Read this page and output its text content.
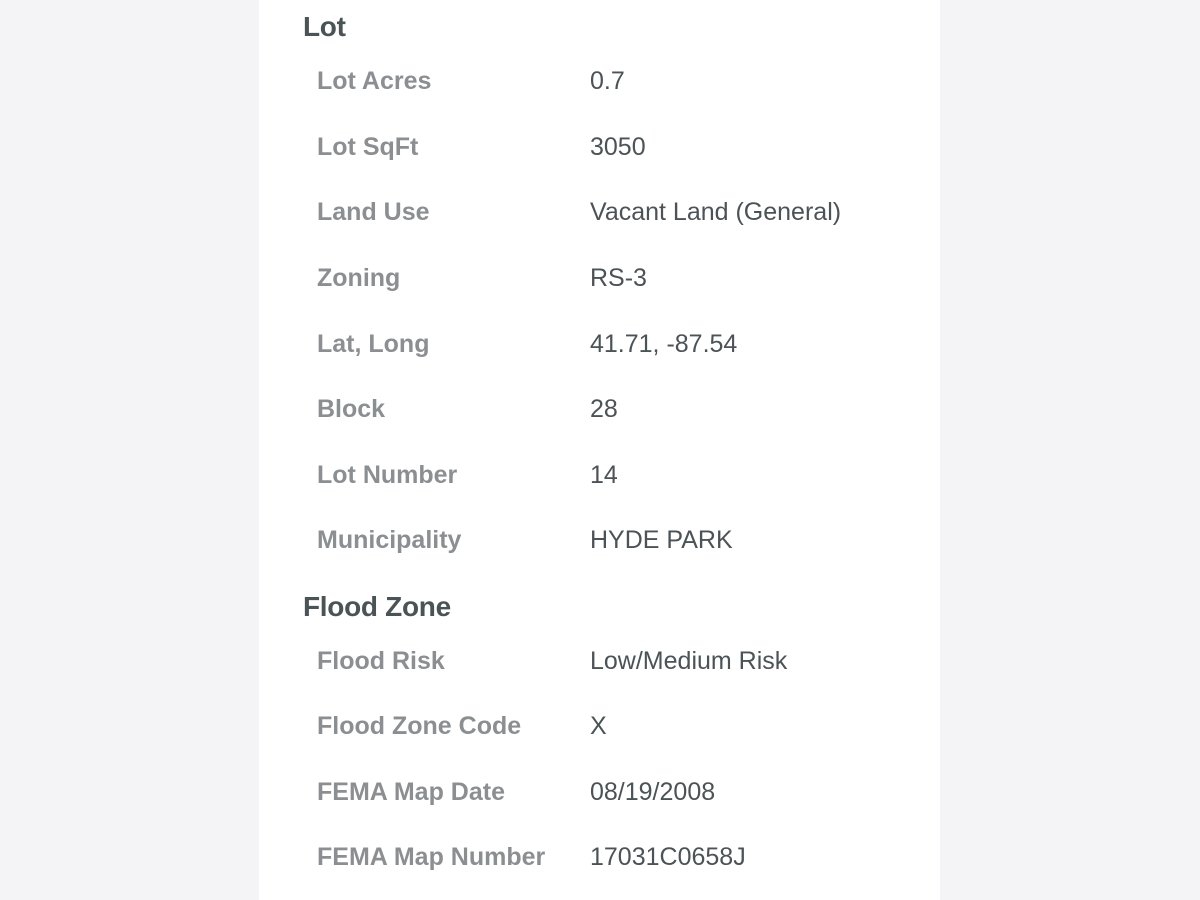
Lot
Lot Acres	0.7
Lot SqFt	3050
Land Use	Vacant Land (General)
Zoning	RS-3
Lat, Long	41.71, -87.54
Block	28
Lot Number	14
Municipality	HYDE PARK
Flood Zone
Flood Risk	Low/Medium Risk
Flood Zone Code	X
FEMA Map Date	08/19/2008
FEMA Map Number 17031C0658J
